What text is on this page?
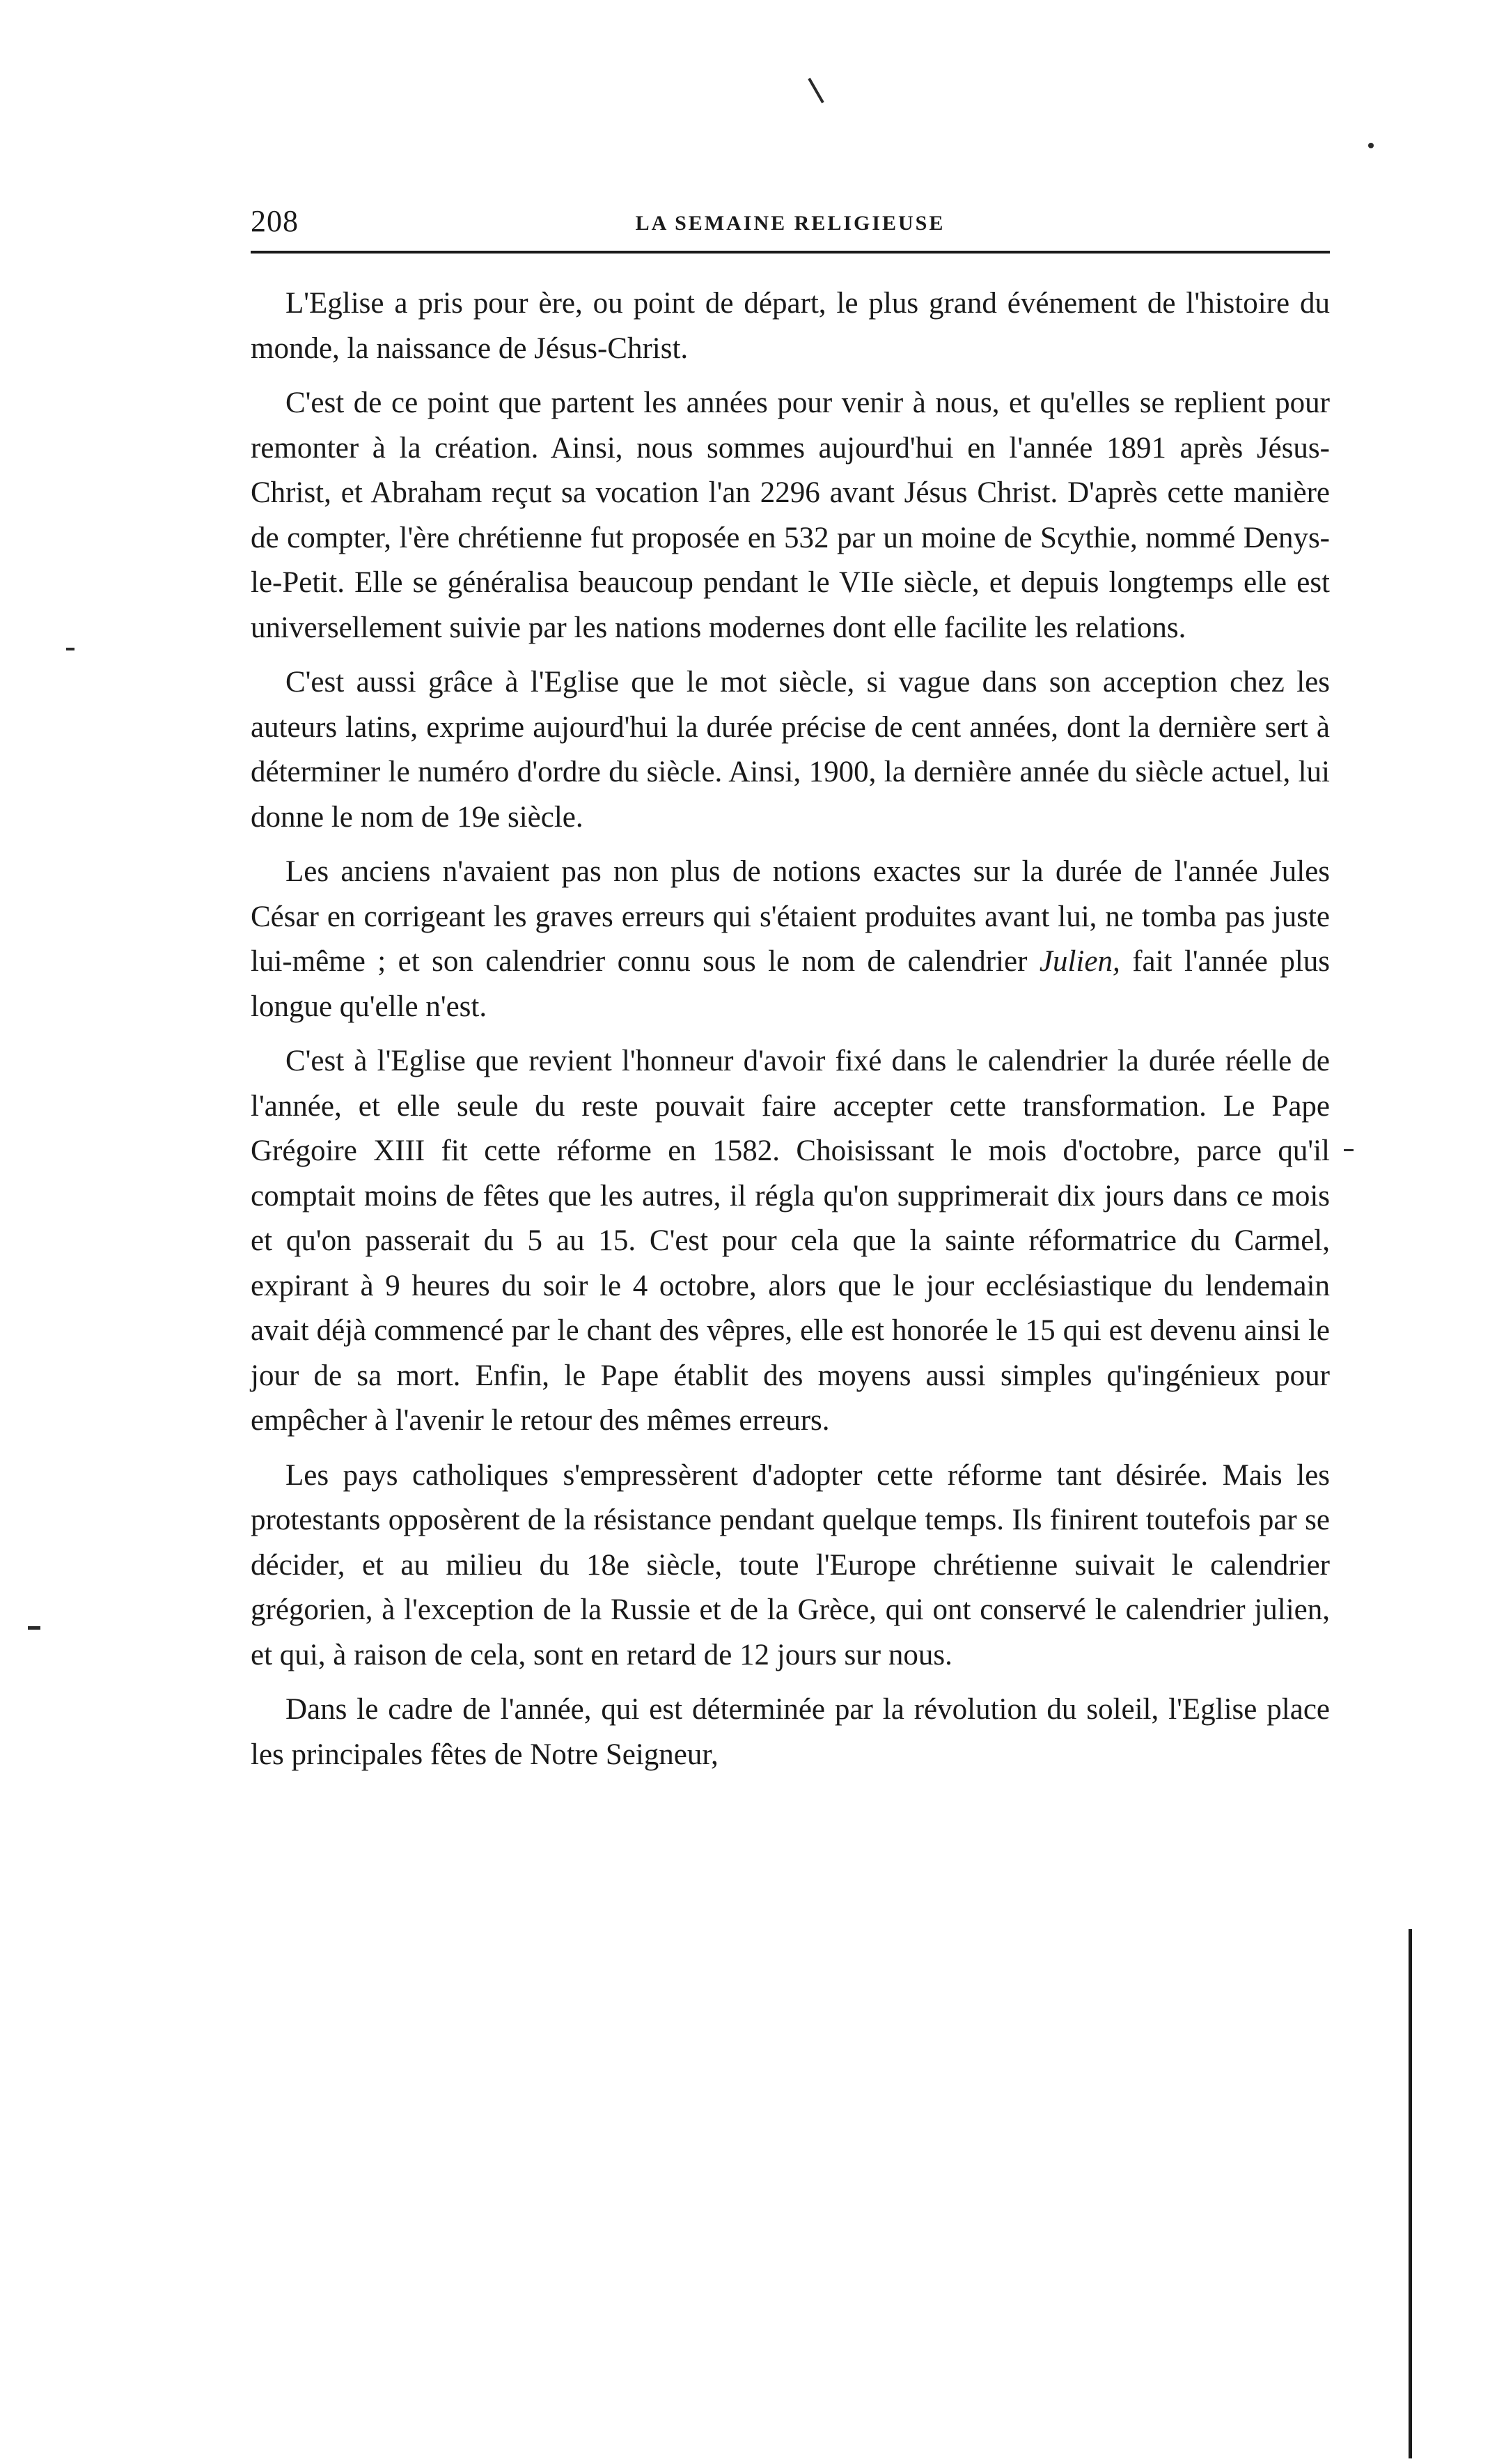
208	LA SEMAINE RELIGIEUSE

L'Eglise a pris pour ère, ou point de départ, le plus grand événement de l'histoire du monde, la naissance de Jésus-Christ.

C'est de ce point que partent les années pour venir à nous, et qu'elles se replient pour remonter à la création. Ainsi, nous sommes aujourd'hui en l'année 1891 après Jésus-Christ, et Abraham reçut sa vocation l'an 2296 avant Jésus Christ. D'après cette manière de compter, l'ère chrétienne fut proposée en 532 par un moine de Scythie, nommé Denys-le-Petit. Elle se généralisa beaucoup pendant le VIIe siècle, et depuis longtemps elle est universellement suivie par les nations modernes dont elle facilite les relations.

C'est aussi grâce à l'Eglise que le mot siècle, si vague dans son acception chez les auteurs latins, exprime aujourd'hui la durée précise de cent années, dont la dernière sert à déterminer le numéro d'ordre du siècle. Ainsi, 1900, la dernière année du siècle actuel, lui donne le nom de 19e siècle.

Les anciens n'avaient pas non plus de notions exactes sur la durée de l'année Jules César en corrigeant les graves erreurs qui s'étaient produites avant lui, ne tomba pas juste lui-même ; et son calendrier connu sous le nom de calendrier Julien, fait l'année plus longue qu'elle n'est.

C'est à l'Eglise que revient l'honneur d'avoir fixé dans le calendrier la durée réelle de l'année, et elle seule du reste pouvait faire accepter cette transformation. Le Pape Grégoire XIII fit cette réforme en 1582. Choisissant le mois d'octobre, parce qu'il comptait moins de fêtes que les autres, il régla qu'on supprimerait dix jours dans ce mois et qu'on passerait du 5 au 15. C'est pour cela que la sainte réformatrice du Carmel, expirant à 9 heures du soir le 4 octobre, alors que le jour ecclésiastique du lendemain avait déjà commencé par le chant des vêpres, elle est honorée le 15 qui est devenu ainsi le jour de sa mort. Enfin, le Pape établit des moyens aussi simples qu'ingénieux pour empêcher à l'avenir le retour des mêmes erreurs.

Les pays catholiques s'empressèrent d'adopter cette réforme tant désirée. Mais les protestants opposèrent de la résistance pendant quelque temps. Ils finirent toutefois par se décider, et au milieu du 18e siècle, toute l'Europe chrétienne suivait le calendrier grégorien, à l'exception de la Russie et de la Grèce, qui ont conservé le calendrier julien, et qui, à raison de cela, sont en retard de 12 jours sur nous.

Dans le cadre de l'année, qui est déterminée par la révolution du soleil, l'Eglise place les principales fêtes de Notre Seigneur,
